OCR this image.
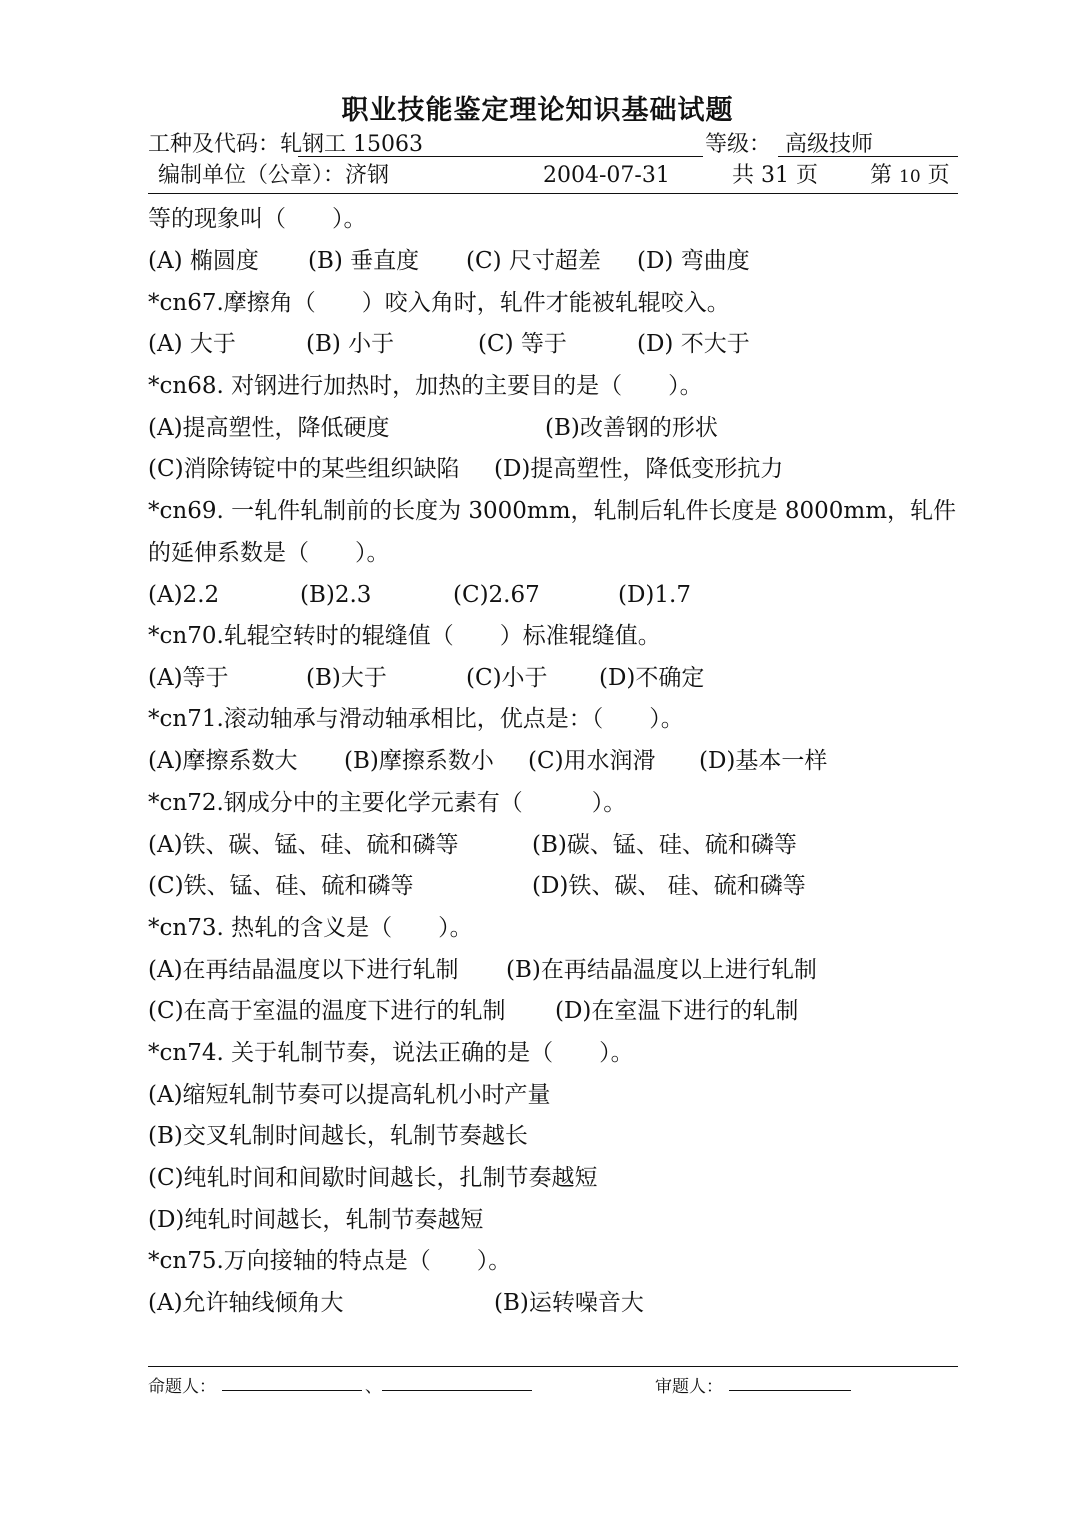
职业技能鉴定理论知识基础试题
工种及代码：轧钢工 15063	等级： 高级技师
编制单位（公章）：济钢	2004-07-31	共 31 页 第 10 页
等的现象叫（　　）。
(A) 椭圆度 (B) 垂直度 (C) 尺寸超差 (D) 弯曲度
*cn67.摩擦角（　　）咬入角时，轧件才能被轧辊咬入。
(A) 大于	(B) 小于	(C) 等于	(D) 不大于
*cn68. 对钢进行加热时，加热的主要目的是（　　）。
(A)提高塑性，降低硬度	(B)改善钢的形状
(C)消除铸锭中的某些组织缺陷 (D)提高塑性，降低变形抗力
*cn69. 一轧件轧制前的长度为 3000mm，轧制后轧件长度是 8000mm，轧件
的延伸系数是（　　）。
(A)2.2	(B)2.3	(C)2.67	(D)1.7
*cn70.轧辊空转时的辊缝值（　　）标准辊缝值。
(A)等于	(B)大于	(C)小于 (D)不确定
*cn71.滚动轴承与滑动轴承相比，优点是：（　　）。
(A)摩擦系数大 (B)摩擦系数小 (C)用水润滑 (D)基本一样
*cn72.钢成分中的主要化学元素有（　　　）。
(A)铁、碳、锰、硅、硫和磷等	(B)碳、锰、硅、硫和磷等
(C)铁、锰、硅、硫和磷等	(D)铁、碳、 硅、硫和磷等
*cn73. 热轧的含义是（　　）。
(A)在再结晶温度以下进行轧制 (B)在再结晶温度以上进行轧制
(C)在高于室温的温度下进行的轧制 (D)在室温下进行的轧制
*cn74. 关于轧制节奏，说法正确的是（　　）。
(A)缩短轧制节奏可以提高轧机小时产量
(B)交叉轧制时间越长，轧制节奏越长
(C)纯轧时间和间歇时间越长，扎制节奏越短
(D)纯轧时间越长，轧制节奏越短
*cn75.万向接轴的特点是（　　）。
(A)允许轴线倾角大	(B)运转噪音大
命题人：	、	审题人：
